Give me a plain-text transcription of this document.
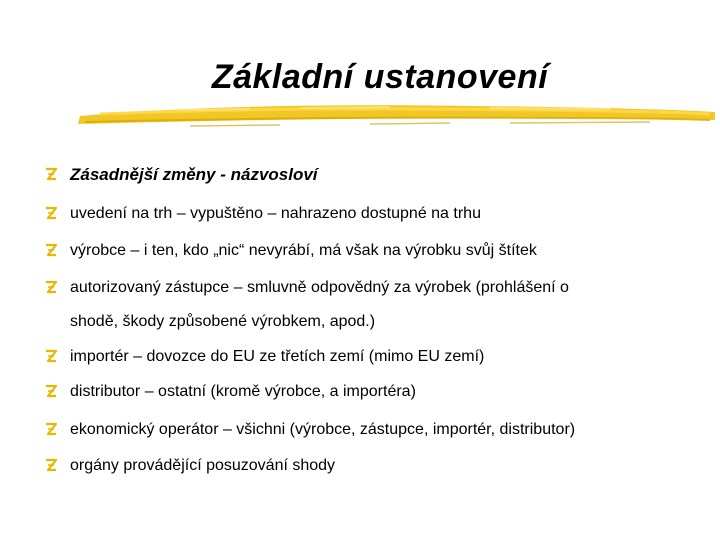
Základní ustanovení
Zásadnější změny - názvosloví
uvedení na trh – vypuštěno – nahrazeno dostupné na trhu
výrobce – i ten, kdo „nic“ nevyrábí, má však na výrobku svůj štítek
autorizovaný zástupce – smluvně odpovědný za výrobek (prohlášení o
shodě, škody způsobené výrobkem, apod.)
importér – dovozce do EU ze třetích zemí (mimo EU zemí)
distributor – ostatní (kromě výrobce, a importéra)
ekonomický operátor – všichni (výrobce, zástupce, importér, distributor)
orgány provádějící posuzování shody
